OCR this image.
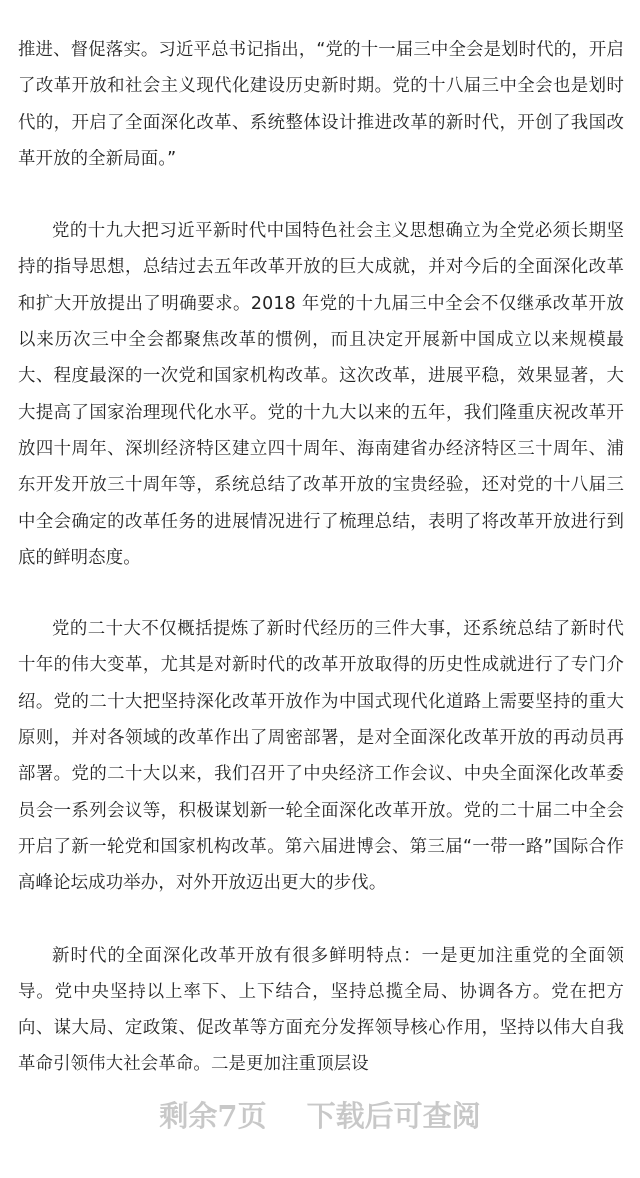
推进、督促落实。习近平总书记指出，“党的十一届三中全会是划时代的，开启了改革开放和社会主义现代化建设历史新时期。党的十八届三中全会也是划时代的，开启了全面深化改革、系统整体设计推进改革的新时代，开创了我国改革开放的全新局面。”

党的十九大把习近平新时代中国特色社会主义思想确立为全党必须长期坚持的指导思想，总结过去五年改革开放的巨大成就，并对今后的全面深化改革和扩大开放提出了明确要求。2018 年党的十九届三中全会不仅继承改革开放以来历次三中全会都聚焦改革的惯例，而且决定开展新中国成立以来规模最大、程度最深的一次党和国家机构改革。这次改革，进展平稳，效果显著，大大提高了国家治理现代化水平。党的十九大以来的五年，我们隆重庆祝改革开放四十周年、深圳经济特区建立四十周年、海南建省办经济特区三十周年、浦东开发开放三十周年等，系统总结了改革开放的宝贵经验，还对党的十八届三中全会确定的改革任务的进展情况进行了梳理总结，表明了将改革开放进行到底的鲜明态度。

党的二十大不仅概括提炼了新时代经历的三件大事，还系统总结了新时代十年的伟大变革，尤其是对新时代的改革开放取得的历史性成就进行了专门介绍。党的二十大把坚持深化改革开放作为中国式现代化道路上需要坚持的重大原则，并对各领域的改革作出了周密部署，是对全面深化改革开放的再动员再部署。党的二十大以来，我们召开了中央经济工作会议、中央全面深化改革委员会一系列会议等，积极谋划新一轮全面深化改革开放。党的二十届二中全会开启了新一轮党和国家机构改革。第六届进博会、第三届“一带一路”国际合作高峰论坛成功举办，对外开放迈出更大的步伐。

新时代的全面深化改革开放有很多鲜明特点：一是更加注重党的全面领导。党中央坚持以上率下、上下结合，坚持总揽全局、协调各方。党在把方向、谋大局、定政策、促改革等方面充分发挥领导核心作用，坚持以伟大自我革命引领伟大社会革命。二是更加注重顶层设

剩余7页 下载后可查阅
